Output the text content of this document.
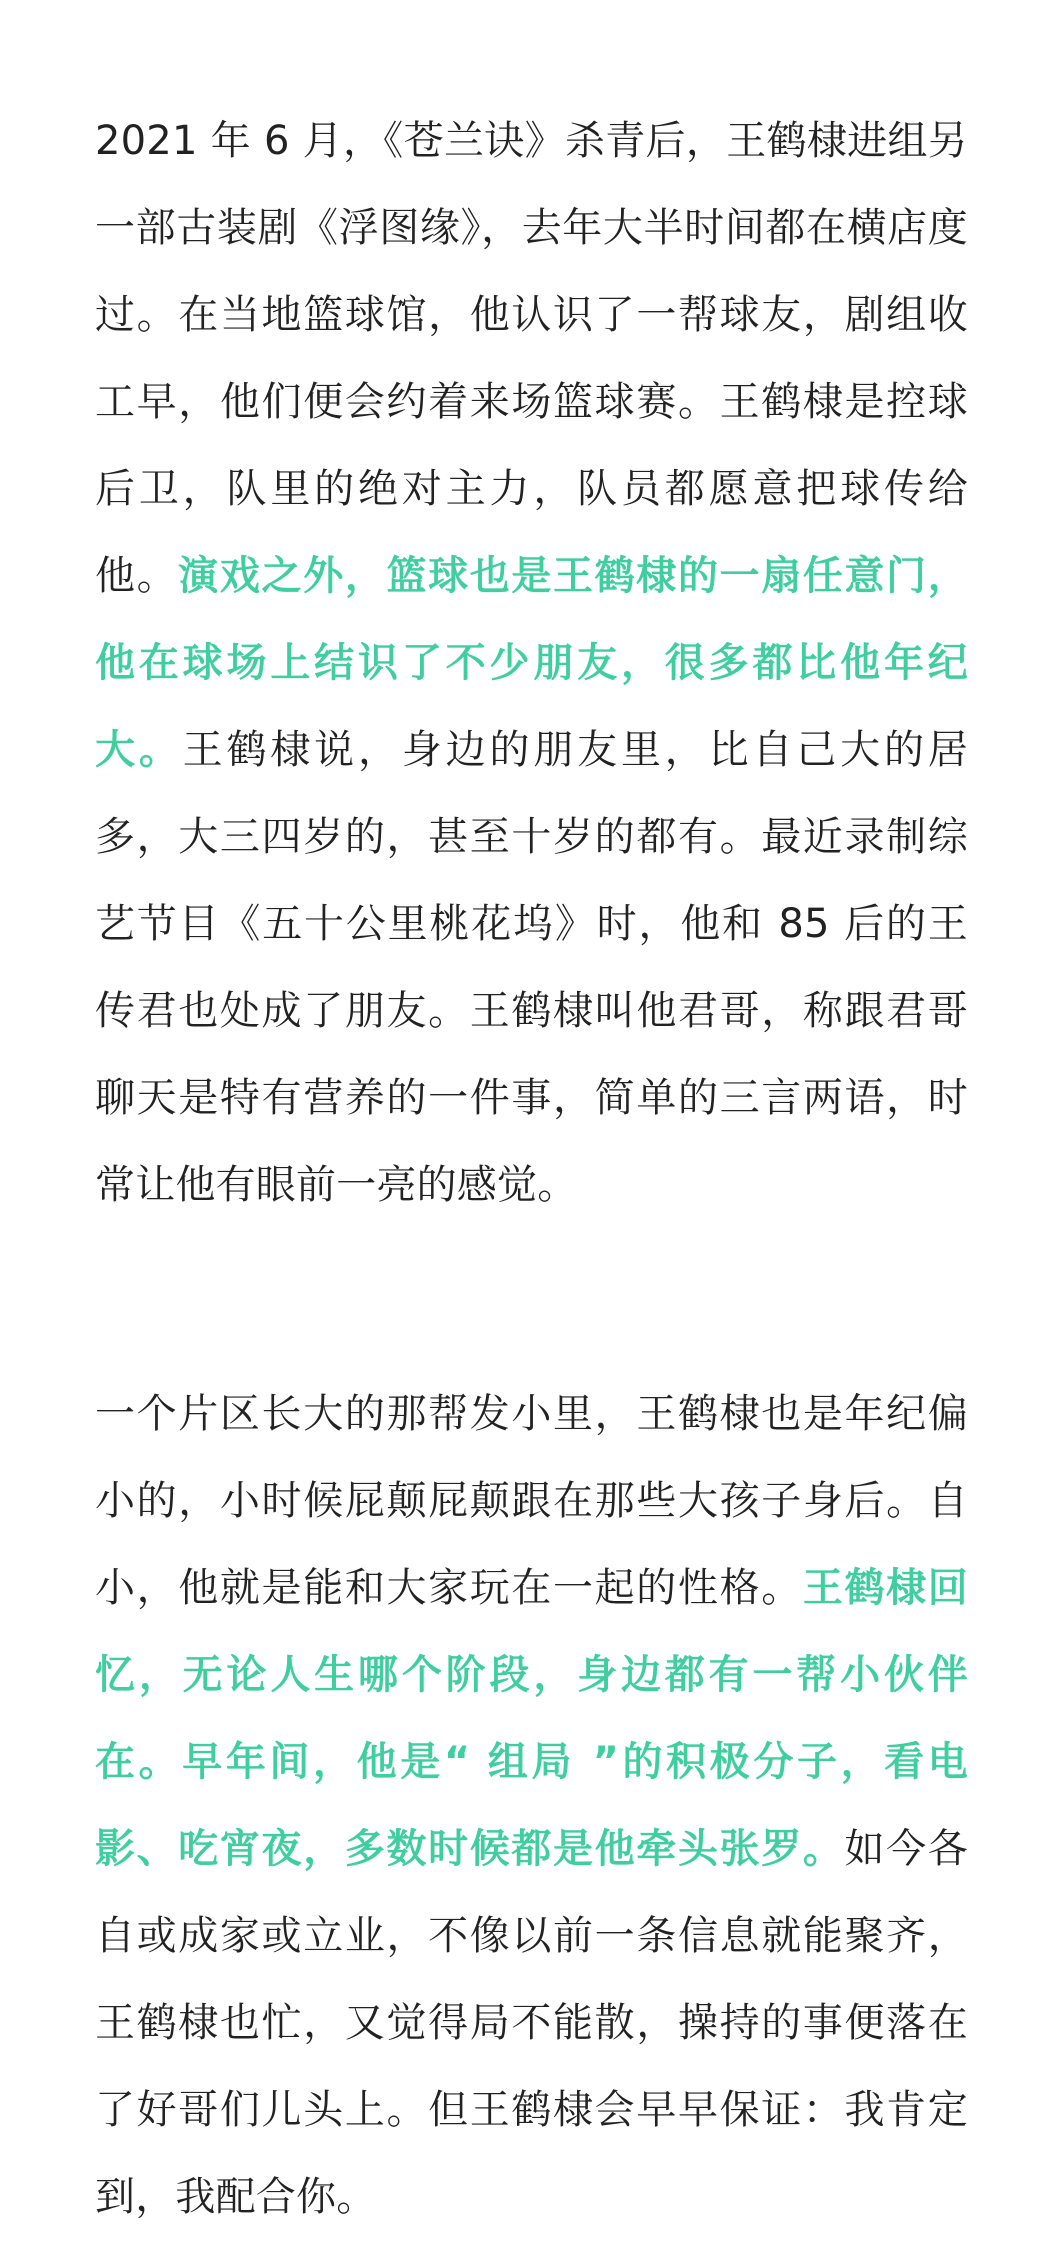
2021 年 6 月，《苍兰诀》杀青后，王鹤棣进组另一部古装剧《浮图缘》，去年大半时间都在横店度过。在当地篮球馆，他认识了一帮球友，剧组收工早，他们便会约着来场篮球赛。王鹤棣是控球后卫，队里的绝对主力，队员都愿意把球传给他。演戏之外，篮球也是王鹤棣的一扇任意门，他在球场上结识了不少朋友，很多都比他年纪大。王鹤棣说，身边的朋友里，比自己大的居多，大三四岁的，甚至十岁的都有。最近录制综艺节目《五十公里桃花坞》时，他和 85 后的王传君也处成了朋友。王鹤棣叫他君哥，称跟君哥聊天是特有营养的一件事，简单的三言两语，时常让他有眼前一亮的感觉。

一个片区长大的那帮发小里，王鹤棣也是年纪偏小的，小时候屁颠屁颠跟在那些大孩子身后。自小，他就是能和大家玩在一起的性格。王鹤棣回忆，无论人生哪个阶段，身边都有一帮小伙伴在。早年间，他是“ 组局 ”的积极分子，看电影、吃宵夜，多数时候都是他牵头张罗。如今各自或成家或立业，不像以前一条信息就能聚齐，王鹤棣也忙，又觉得局不能散，操持的事便落在了好哥们儿头上。但王鹤棣会早早保证：我肯定到，我配合你。
